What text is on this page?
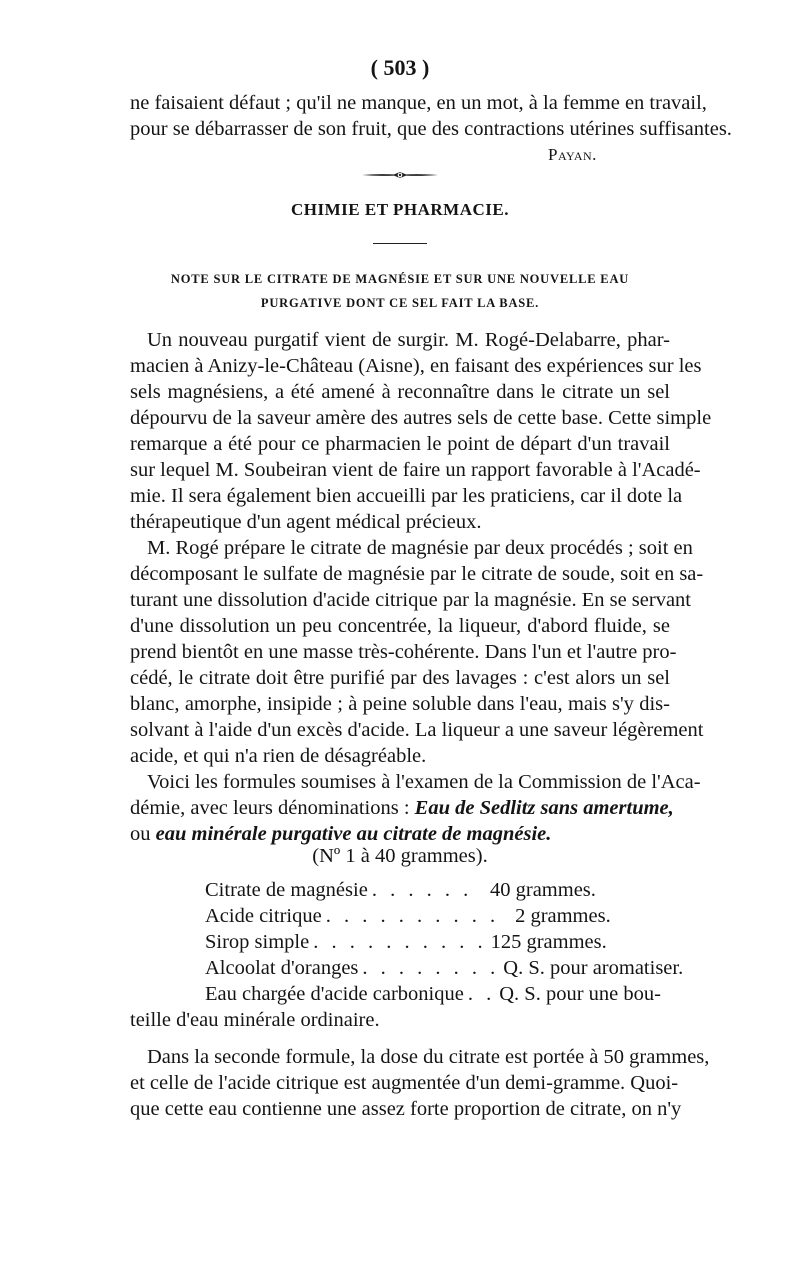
( 503 )
ne faisaient défaut ; qu'il ne manque, en un mot, à la femme en travail,
pour se débarrasser de son fruit, que des contractions utérines suffisantes.
Payan.
CHIMIE ET PHARMACIE.
NOTE SUR LE CITRATE DE MAGNÉSIE ET SUR UNE NOUVELLE EAU
PURGATIVE DONT CE SEL FAIT LA BASE.
Un nouveau purgatif vient de surgir. M. Rogé-Delabarre, phar-
macien à Anizy-le-Château (Aisne), en faisant des expériences sur les
sels magnésiens, a été amené à reconnaître dans le citrate un sel
dépourvu de la saveur amère des autres sels de cette base. Cette simple
remarque a été pour ce pharmacien le point de départ d'un travail
sur lequel M. Soubeiran vient de faire un rapport favorable à l'Acadé-
mie. Il sera également bien accueilli par les praticiens, car il dote la
thérapeutique d'un agent médical précieux.
M. Rogé prépare le citrate de magnésie par deux procédés ; soit en
décomposant le sulfate de magnésie par le citrate de soude, soit en sa-
turant une dissolution d'acide citrique par la magnésie. En se servant
d'une dissolution un peu concentrée, la liqueur, d'abord fluide, se
prend bientôt en une masse très-cohérente. Dans l'un et l'autre pro-
cédé, le citrate doit être purifié par des lavages : c'est alors un sel
blanc, amorphe, insipide ; à peine soluble dans l'eau, mais s'y dis-
solvant à l'aide d'un excès d'acide. La liqueur a une saveur légèrement
acide, et qui n'a rien de désagréable.
Voici les formules soumises à l'examen de la Commission de l'Aca-
démie, avec leurs dénominations : Eau de Sedlitz sans amertume,
ou eau minérale purgative au citrate de magnésie.
(Nº 1 à 40 grammes).
Citrate de magnésie . . . . . . 40 grammes.
Acide citrique . . . . . . . . . . 2 grammes.
Sirop simple . . . . . . . . . . 125 grammes.
Alcoolat d'oranges . . . . . . . . Q. S. pour aromatiser.
Eau chargée d'acide carbonique . . Q. S. pour une bou-
teille d'eau minérale ordinaire.
Dans la seconde formule, la dose du citrate est portée à 50 grammes,
et celle de l'acide citrique est augmentée d'un demi-gramme. Quoi-
que cette eau contienne une assez forte proportion de citrate, on n'y
